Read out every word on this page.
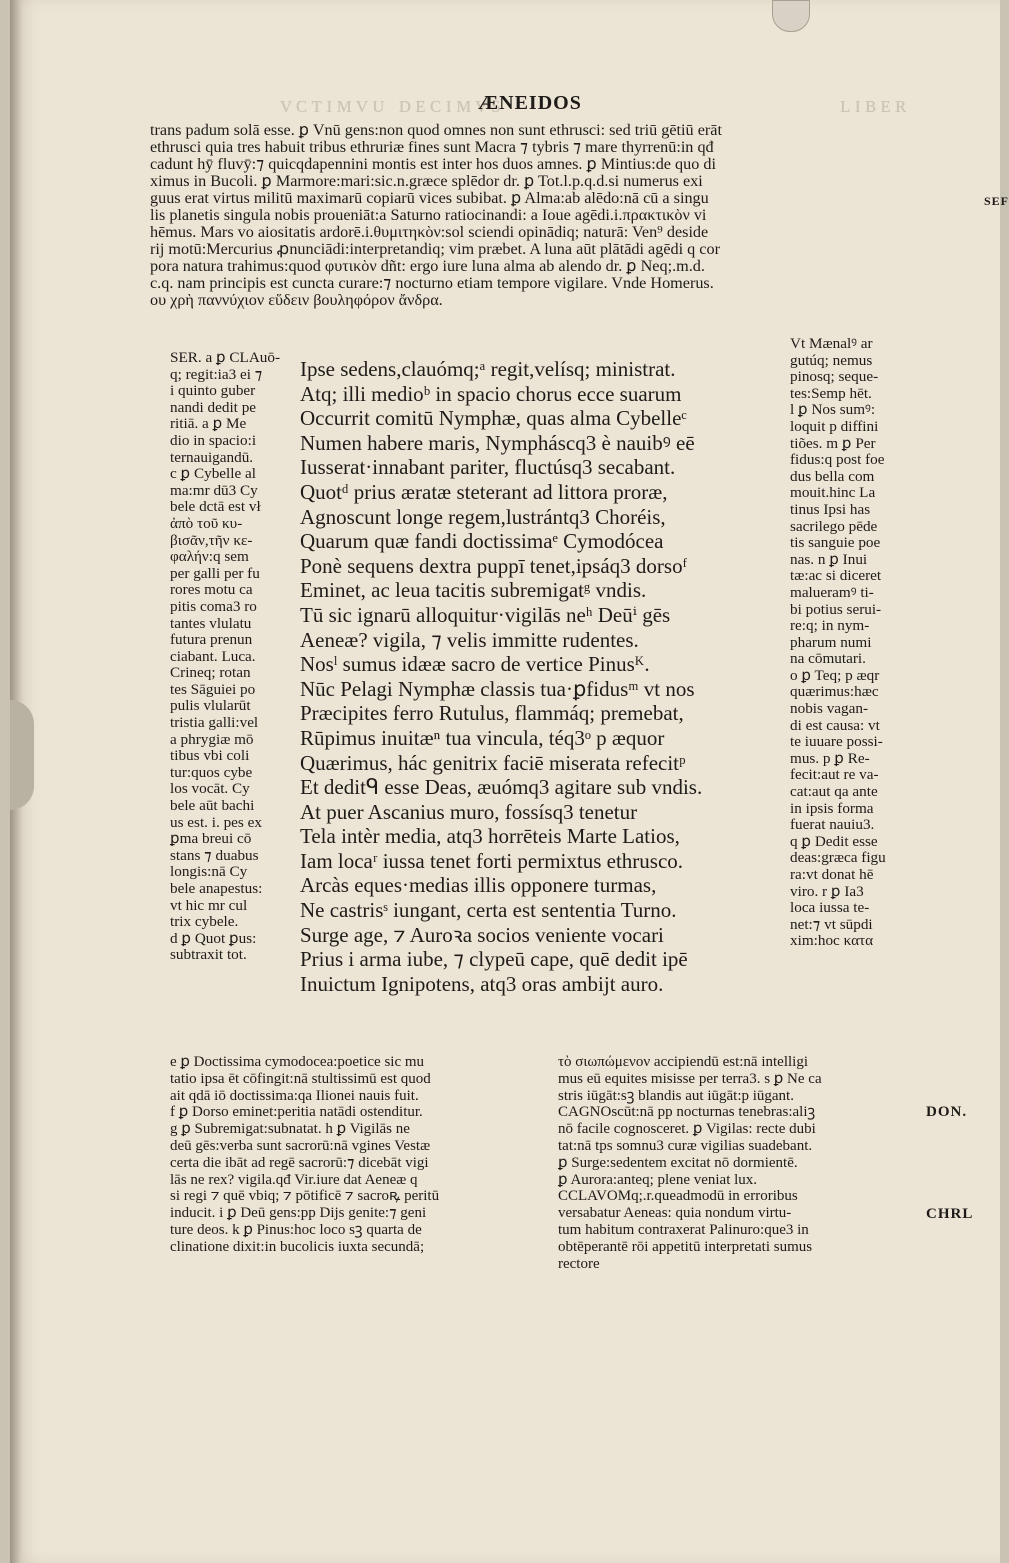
ᴠᴄᴛɪᴍᴠᴜ ᴅᴇᴄɪᴍᴠs	ʟɪʙᴇʀ
ÆNEIDOS
DON.
CHRL
SEF
trans padum solā esse. ꝑ Vnū gens:non quod omnes non sunt ethrusci: sed triū gētiū erāt
ethrusci quia tres habuit tribus ethruriæ fines sunt Macra ⁊ tybris ⁊ mare thyrrenū:in qđ
cadunt hȳ fluvȳ:⁊ quicqdapennini montis est inter hos duos amnes. ꝑ Mintius:de quo di
ximus in Bucoli. ꝑ Marmore:mari:sic.n.græce splēdor dr. ꝑ Tot.l.p.q.d.si numerus exi
guus erat virtus militū maximarū copiarū vices subibat. ꝑ Alma:ab alēdo:nā cū a singu
lis planetis singula nobis proueniāt:a Saturno ratiocinandi: a Ioue agēdi.i.πρακτικὸν vi
hēmus. Mars vo aiositatis ardorē.i.θυμιτηκὸν:sol sciendi opinādiq; naturā: Ven⁹ deside
rij motū:Mercurius ꝓnunciādi:interpretandiq; vim præbet. A luna aūt plātādi agēdi q cor
pora natura trahimus:quod φυτικὸν dñt: ergo iure luna alma ab alendo dr. ꝑ Neq;.m.d.
c.q. nam principis est cuncta curare:⁊ nocturno etiam tempore vigilare. Vnde Homerus.
ου χρὴ παννύχιον εὕδειν βουληφόρον ἄνδρα.
SER. a ꝑ CLAuō-
q; regit:ia3 ei ⁊
i quinto guber
nandi dedit pe
ritiā. a ꝑ Me
dio in spacio:i
ternauigandū.
c ꝑ Cybelle al
ma:mr dū3 Cy
bele dctā est vł
ἀπὸ τοῦ κυ-
βισᾶν,τῆν κε-
φαλήν:q sem
per galli per fu
rores motu ca
pitis coma3 ro
tantes vlulatu
futura prenun
ciabant. Luca.
Crineq; rotan
tes Sāguiei po
pulis vlularūt
tristia galli:vel
a phrygiæ mō
tibus vbi coli
tur:quos cybe
los vocāt. Cy
bele aūt bachi
us est. i. pes ex
ꝑma breui cō
stans ⁊ duabus
longis:nā Cy
bele anapestus:
vt hic mr cul
trix cybele.
d ꝑ Quot ꝑus:
subtraxit tot.
Ipse sedens,clauómq;ᵃ regit,velísq; ministrat.
Atq; illi medioᵇ in spacio chorus ecce suarum
Occurrit comitū Nymphæ, quas alma Cybelleᶜ
Numen habere maris, Nympháscq3 è nauibꝰ eē
Iusserat·innabant pariter, fluctúsq3 secabant.
Quotᵈ prius æratæ steterant ad littora proræ,
Agnoscunt longe regem,lustrántq3 Choréis,
Quarum quæ fandi doctissimaᵉ Cymodócea
Ponè sequens dextra puppī tenet,ipsáq3 dorsoᶠ
Eminet, ac leua tacitis subremigatᵍ vndis.
Tū sic ignarū alloquitur·vigilās neʰ Deūⁱ gēs
Aeneæ? vigila, ⁊ velis immitte rudentes.
Nosˡ sumus idææ sacro de vertice Pinusᴷ.
Nūc Pelagi Nymphæ classis tua·ꝑfidusᵐ vt nos
Præcipites ferro Rutulus, flammáq; premebat,
Rūpimus inuitæⁿ tua vincula, téq3ᵒ p æquor
Quærimus, hác genitrix faciē miserata refecitᵖ
Et deditᑫ esse Deas, æuómq3 agitare sub vndis.
At puer Ascanius muro, fossísq3 tenetur
Tela intèr media, atq3 horrēteis Marte Latios,
Iam locaʳ iussa tenet forti permixtus ethrusco.
Arcàs eques·medias illis opponere turmas,
Ne castrisˢ iungant, certa est sententia Turno.
Surge age, ⁊ Auroꝛa socios veniente vocari
Prius i arma iube, ⁊ clypeū cape, quē dedit ipē
Inuictum Ignipotens, atq3 oras ambijt auro.
Vt Mænalꝰ ar
gutúq; nemus
pinosq; seque-
tes:Semp hēt.
l ꝑ Nos sumꝰ:
loquit p diffini
tiões. m ꝑ Per
fidus:q post foe
dus bella com
mouit.hinc La
tinus Ipsi has
sacrilego pēde
tis sanguie poe
nas. n ꝑ Inui
tæ:ac si diceret
malueramꝰ ti-
bi potius serui-
re:q; in nym-
pharum numi
na cōmutari.
o ꝑ Teq; p æqr
quærimus:hæc
nobis vagan-
di est causa: vt
te iuuare possi-
mus. p ꝑ Re-
fecit:aut re va-
cat:aut qa ante
in ipsis forma
fuerat nauiu3.
q ꝑ Dedit esse
deas:græca figu
ra:vt donat hē
viro. r ꝑ Ia3
loca iussa te-
net:⁊ vt sūpdi
xim:hoc κατα
e ꝑ Doctissima cymodocea:poetice sic mu
tatio ipsa ēt cōfingit:nā stultissimū est quod
ait qdā iō doctissima:qa Ilionei nauis fuit.
f ꝑ Dorso eminet:peritia natādi ostenditur.
g ꝑ Subremigat:subnatat. h ꝑ Vigilās ne
deū gēs:verba sunt sacrorū:nā vgines Vestæ
certa die ibāt ad regē sacrorū:⁊ dicebāt vigi
lās ne rex? vigila.qđ Vir.iure dat Aeneæ q
si regi ⁊ quē vbiq; ⁊ pōtificē ⁊ sacroꝶ peritū
inducit. i ꝑ Deū gens:pp Dijs genite:⁊ geni
ture deos. k ꝑ Pinus:hoc loco sꝫ quarta de
clinatione dixit:in bucolicis iuxta secundā;
τὸ σιωπώμενον accipiendū est:nā intelligi
mus eū equites misisse per terra3. s ꝑ Ne ca
stris iūgāt:sꝫ blandis aut iūgāt:p iūgant.
CAGNOscūt:nā pp nocturnas tenebras:aliꝫ
nō facile cognosceret. ꝑ Vigilas: recte dubi
tat:nā tps somnu3 curæ vigilias suadebant.
ꝑ Surge:sedentem excitat nō dormientē.
ꝑ Aurora:anteq; plene veniat lux.
CCLAVOMq;.r.queadmodū in erroribus
versabatur Aeneas: quia nondum virtu-
tum habitum contraxerat Palinuro:que3 in
obtēperantē rōi appetitū interpretati sumus
rectore
